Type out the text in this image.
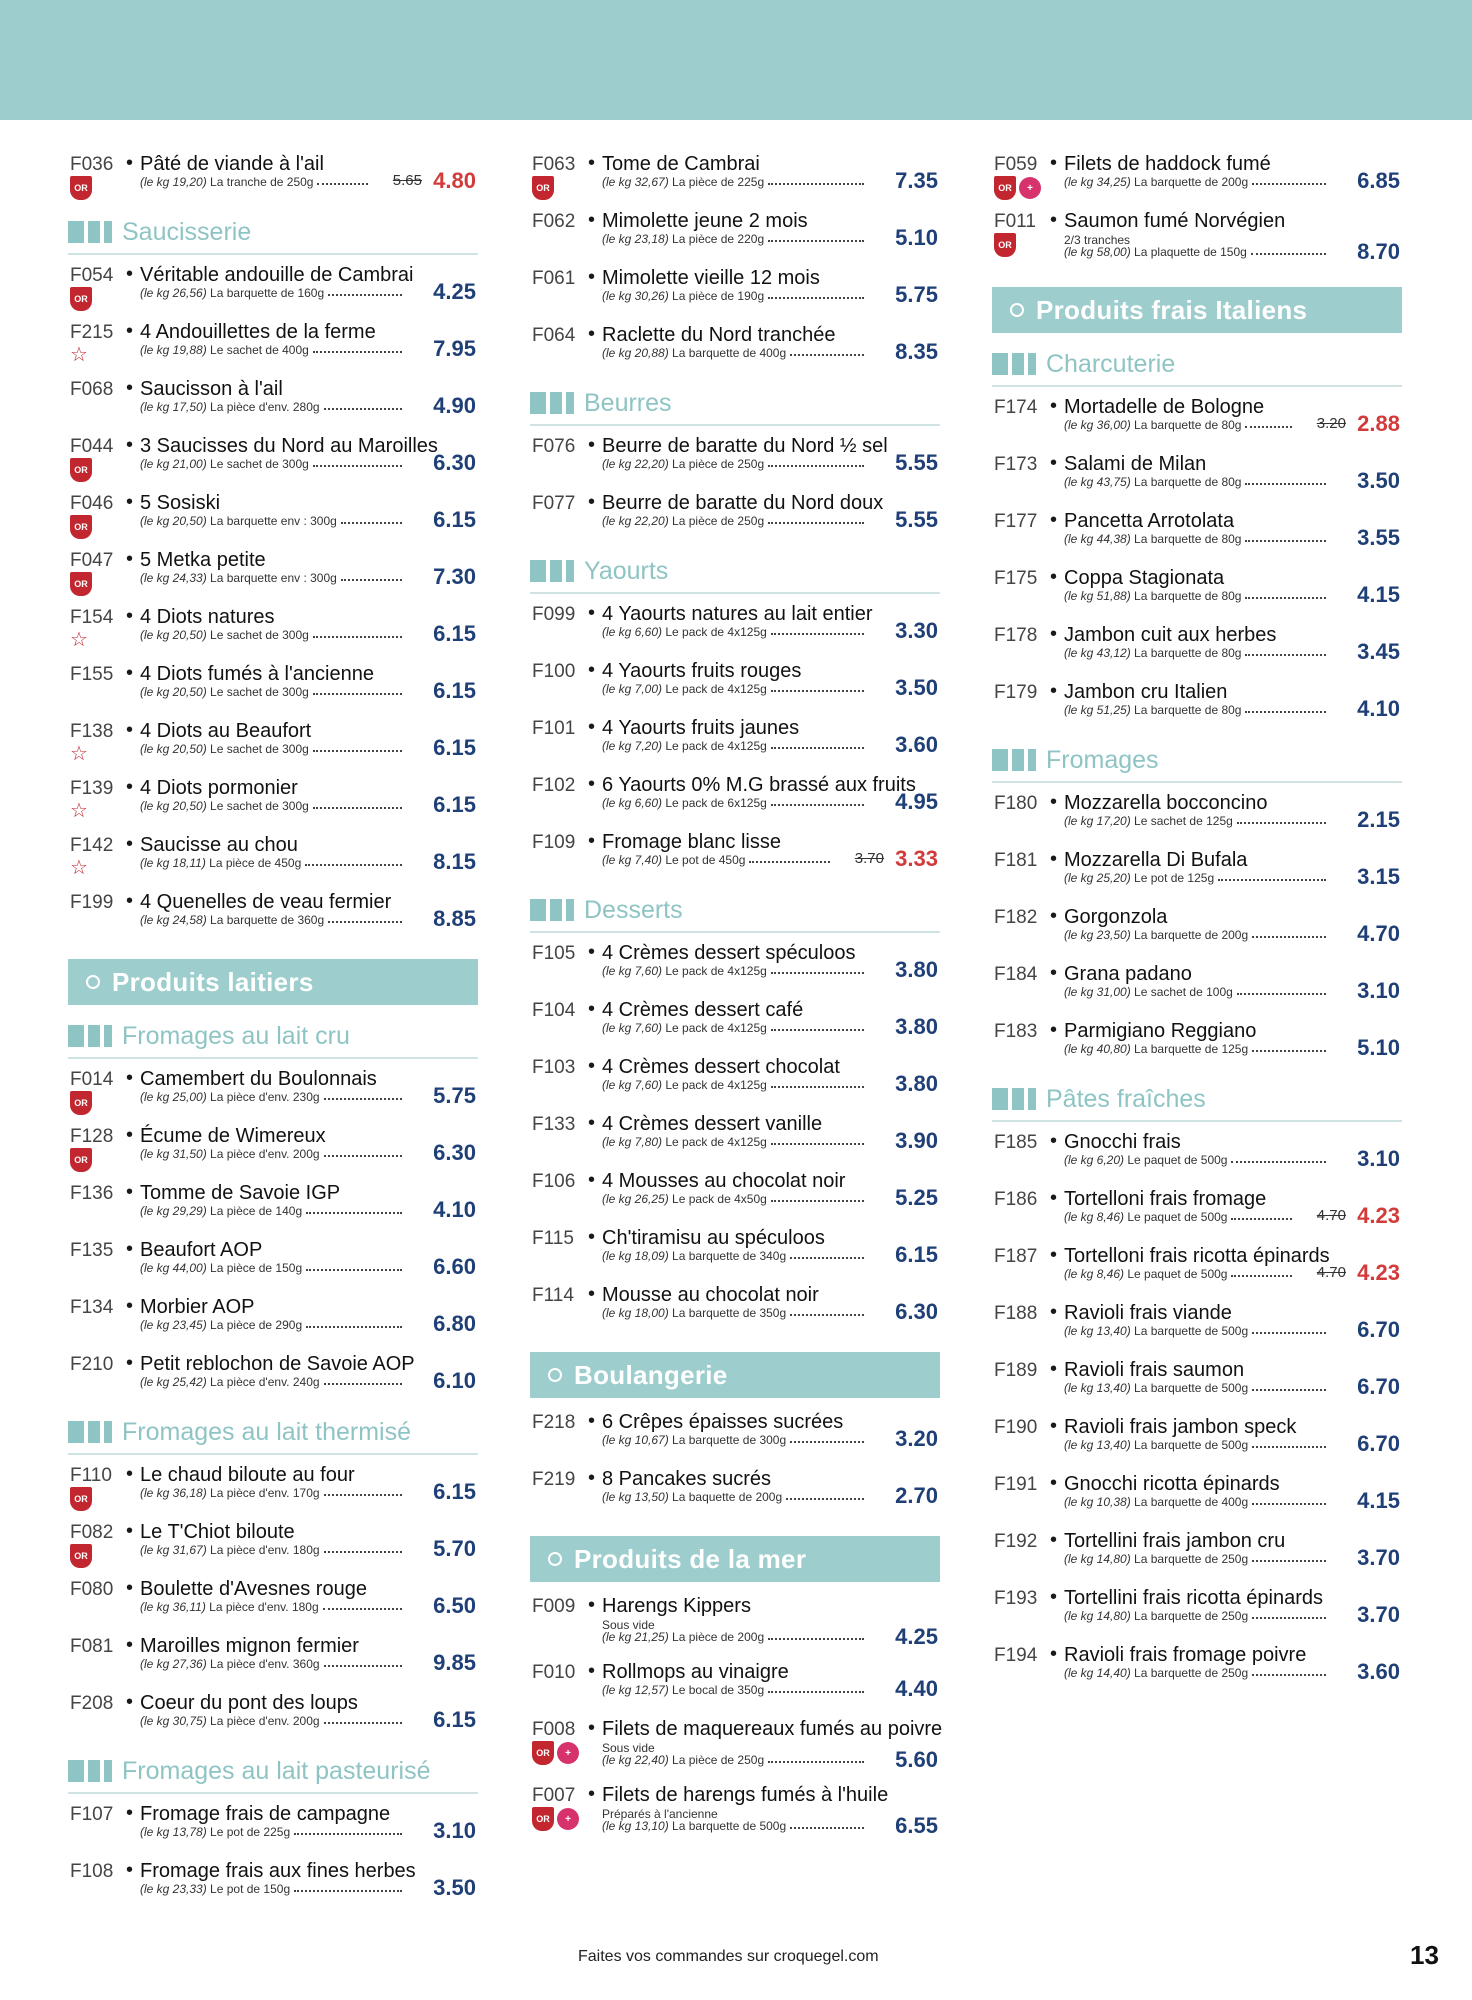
F036
OR
• Pâté de viande à l'ail
(le kg 19,20) La tranche de 250g	5.65 4.80
Saucisserie
F054
OR
• Véritable andouille de Cambrai
(le kg 26,56) La barquette de 160g	4.25
F215
☆
• 4 Andouillettes de la ferme
(le kg 19,88) Le sachet de 400g	7.95
F068 • Saucisson à l'ail
(le kg 17,50) La pièce d'env. 280g	4.90
F044
OR
• 3 Saucisses du Nord au Maroilles
(le kg 21,00) Le sachet de 300g	6.30
F046
OR
• 5 Sosiski
(le kg 20,50) La barquette env : 300g	6.15
F047
OR
• 5 Metka petite
(le kg 24,33) La barquette env : 300g	7.30
F154
☆
• 4 Diots natures
(le kg 20,50) Le sachet de 300g	6.15
F155 • 4 Diots fumés à l'ancienne
(le kg 20,50) Le sachet de 300g	6.15
F138
☆
• 4 Diots au Beaufort
(le kg 20,50) Le sachet de 300g	6.15
F139
☆
• 4 Diots pormonier
(le kg 20,50) Le sachet de 300g	6.15
F142
☆
• Saucisse au chou
(le kg 18,11) La pièce de 450g	8.15
F199 • 4 Quenelles de veau fermier
(le kg 24,58) La barquette de 360g	8.85
Produits laitiers
Fromages au lait cru
F014
OR
• Camembert du Boulonnais
(le kg 25,00) La pièce d'env. 230g	5.75
F128
OR
• Écume de Wimereux
(le kg 31,50) La pièce d'env. 200g	6.30
F136 • Tomme de Savoie IGP
(le kg 29,29) La pièce de 140g	4.10
F135 • Beaufort AOP
(le kg 44,00) La pièce de 150g	6.60
F134 • Morbier AOP
(le kg 23,45) La pièce de 290g	6.80
F210 • Petit reblochon de Savoie AOP
(le kg 25,42) La pièce d'env. 240g	6.10
Fromages au lait thermisé
F110
OR
• Le chaud biloute au four
(le kg 36,18) La pièce d'env. 170g	6.15
F082
OR
• Le T'Chiot biloute
(le kg 31,67) La pièce d'env. 180g	5.70
F080 • Boulette d'Avesnes rouge
(le kg 36,11) La pièce d'env. 180g	6.50
F081 • Maroilles mignon fermier
(le kg 27,36) La pièce d'env. 360g	9.85
F208 • Coeur du pont des loups
(le kg 30,75) La pièce d'env. 200g	6.15
Fromages au lait pasteurisé
F107 • Fromage frais de campagne
(le kg 13,78) Le pot de 225g	3.10
F108 • Fromage frais aux fines herbes
(le kg 23,33) Le pot de 150g	3.50
F063
OR
• Tome de Cambrai
(le kg 32,67) La pièce de 225g	7.35
F062 • Mimolette jeune 2 mois
(le kg 23,18) La pièce de 220g	5.10
F061 • Mimolette vieille 12 mois
(le kg 30,26) La pièce de 190g	5.75
F064 • Raclette du Nord tranchée
(le kg 20,88) La barquette de 400g	8.35
Beurres
F076 • Beurre de baratte du Nord ½ sel
(le kg 22,20) La pièce de 250g	5.55
F077 • Beurre de baratte du Nord doux
(le kg 22,20) La pièce de 250g	5.55
Yaourts
F099 • 4 Yaourts natures au lait entier
(le kg 6,60) Le pack de 4x125g	3.30
F100 • 4 Yaourts fruits rouges
(le kg 7,00) Le pack de 4x125g	3.50
F101 • 4 Yaourts fruits jaunes
(le kg 7,20) Le pack de 4x125g	3.60
F102 • 6 Yaourts 0% M.G brassé aux fruits
(le kg 6,60) Le pack de 6x125g	4.95
F109 • Fromage blanc lisse
(le kg 7,40) Le pot de 450g	3.70 3.33
Desserts
F105 • 4 Crèmes dessert spéculoos
(le kg 7,60) Le pack de 4x125g	3.80
F104 • 4 Crèmes dessert café
(le kg 7,60) Le pack de 4x125g	3.80
F103 • 4 Crèmes dessert chocolat
(le kg 7,60) Le pack de 4x125g	3.80
F133 • 4 Crèmes dessert vanille
(le kg 7,80) Le pack de 4x125g	3.90
F106 • 4 Mousses au chocolat noir
(le kg 26,25) Le pack de 4x50g	5.25
F115 • Ch'tiramisu au spéculoos
(le kg 18,09) La barquette de 340g	6.15
F114 • Mousse au chocolat noir
(le kg 18,00) La barquette de 350g	6.30
Boulangerie
F218 • 6 Crêpes épaisses sucrées
(le kg 10,67) La barquette de 300g	3.20
F219 • 8 Pancakes sucrés
(le kg 13,50) La baquette de 200g	2.70
Produits de la mer
F009 • Harengs Kippers
Sous vide
(le kg 21,25) La pièce de 200g	4.25
F010 • Rollmops au vinaigre
(le kg 12,57) Le bocal de 350g	4.40
F008
OR	+
• Filets de maquereaux fumés au poivre
Sous vide
(le kg 22,40) La pièce de 250g	5.60
F007
OR	+
• Filets de harengs fumés à l'huile
Préparés à l'ancienne
(le kg 13,10) La barquette de 500g	6.55
F059
OR	+
• Filets de haddock fumé
(le kg 34,25) La barquette de 200g	6.85
F011
OR
• Saumon fumé Norvégien
2/3 tranches
(le kg 58,00) La plaquette de 150g	8.70
Produits frais Italiens
Charcuterie
F174 • Mortadelle de Bologne
(le kg 36,00) La barquette de 80g	3.20 2.88
F173 • Salami de Milan
(le kg 43,75) La barquette de 80g	3.50
F177 • Pancetta Arrotolata
(le kg 44,38) La barquette de 80g	3.55
F175 • Coppa Stagionata
(le kg 51,88) La barquette de 80g	4.15
F178 • Jambon cuit aux herbes
(le kg 43,12) La barquette de 80g	3.45
F179 • Jambon cru Italien
(le kg 51,25) La barquette de 80g	4.10
Fromages
F180 • Mozzarella bocconcino
(le kg 17,20) Le sachet de 125g	2.15
F181 • Mozzarella Di Bufala
(le kg 25,20) Le pot de 125g	3.15
F182 • Gorgonzola
(le kg 23,50) La barquette de 200g	4.70
F184 • Grana padano
(le kg 31,00) Le sachet de 100g	3.10
F183 • Parmigiano Reggiano
(le kg 40,80) La barquette de 125g	5.10
Pâtes fraîches
F185 • Gnocchi frais
(le kg 6,20) Le paquet de 500g	3.10
F186 • Tortelloni frais fromage
(le kg 8,46) Le paquet de 500g	4.70 4.23
F187 • Tortelloni frais ricotta épinards
(le kg 8,46) Le paquet de 500g	4.70 4.23
F188 • Ravioli frais viande
(le kg 13,40) La barquette de 500g	6.70
F189 • Ravioli frais saumon
(le kg 13,40) La barquette de 500g	6.70
F190 • Ravioli frais jambon speck
(le kg 13,40) La barquette de 500g	6.70
F191 • Gnocchi ricotta épinards
(le kg 10,38) La barquette de 400g	4.15
F192 • Tortellini frais jambon cru
(le kg 14,80) La barquette de 250g	3.70
F193 • Tortellini frais ricotta épinards
(le kg 14,80) La barquette de 250g	3.70
F194 • Ravioli frais fromage poivre
(le kg 14,40) La barquette de 250g	3.60
Faites vos commandes sur croquegel.com	13
